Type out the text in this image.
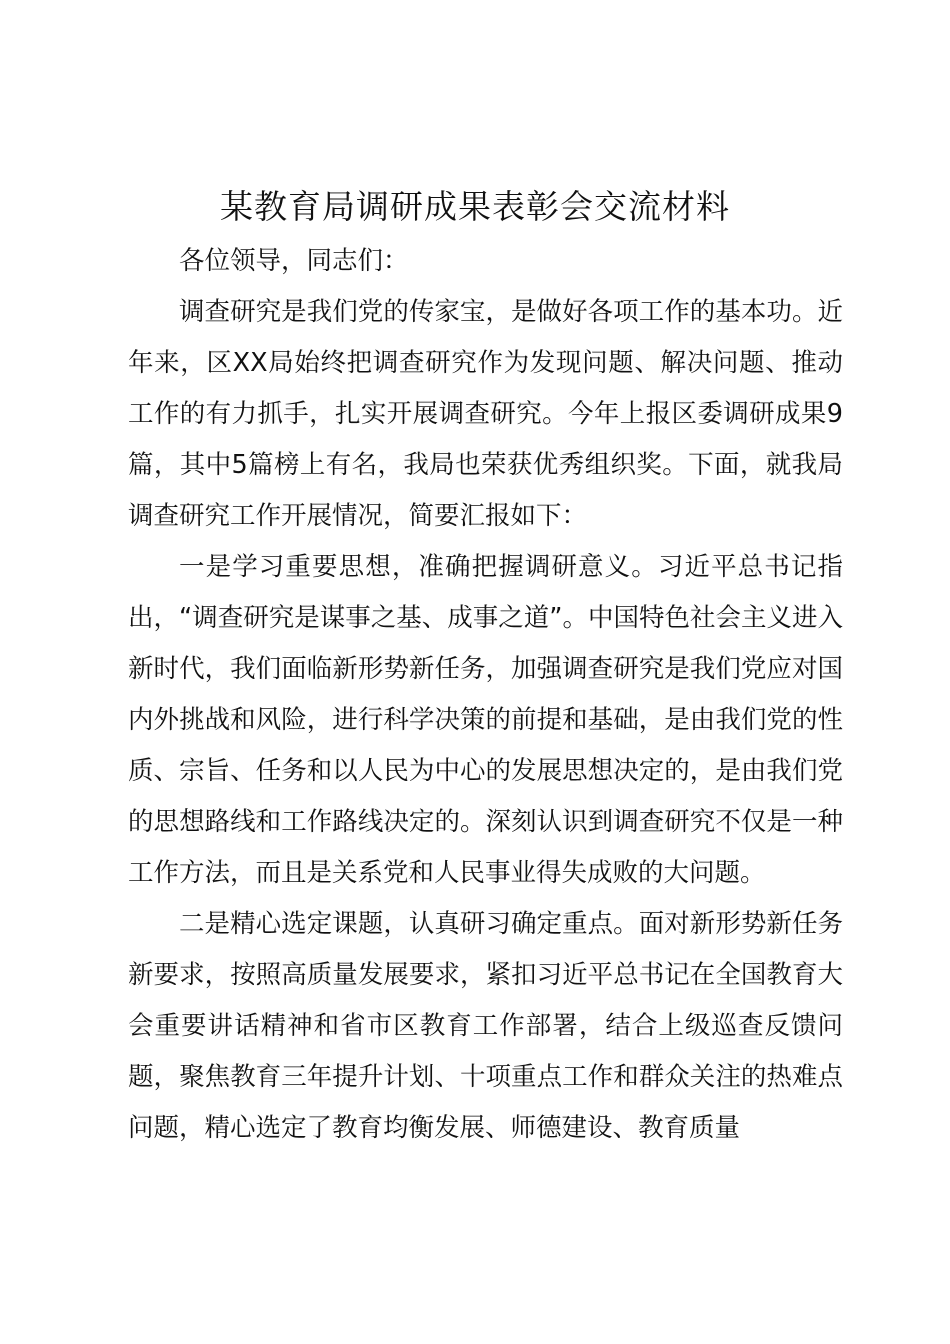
某教育局调研成果表彰会交流材料

各位领导，同志们：

调查研究是我们党的传家宝，是做好各项工作的基本功。近年来，区XX局始终把调查研究作为发现问题、解决问题、推动工作的有力抓手，扎实开展调查研究。今年上报区委调研成果9篇，其中5篇榜上有名，我局也荣获优秀组织奖。下面，就我局调查研究工作开展情况，简要汇报如下：

一是学习重要思想，准确把握调研意义。习近平总书记指出，“调查研究是谋事之基、成事之道”。中国特色社会主义进入新时代，我们面临新形势新任务，加强调查研究是我们党应对国内外挑战和风险，进行科学决策的前提和基础，是由我们党的性质、宗旨、任务和以人民为中心的发展思想决定的，是由我们党的思想路线和工作路线决定的。深刻认识到调查研究不仅是一种工作方法，而且是关系党和人民事业得失成败的大问题。

二是精心选定课题，认真研习确定重点。面对新形势新任务新要求，按照高质量发展要求，紧扣习近平总书记在全国教育大会重要讲话精神和省市区教育工作部署，结合上级巡查反馈问题，聚焦教育三年提升计划、十项重点工作和群众关注的热难点问题，精心选定了教育均衡发展、师德建设、教育质量
